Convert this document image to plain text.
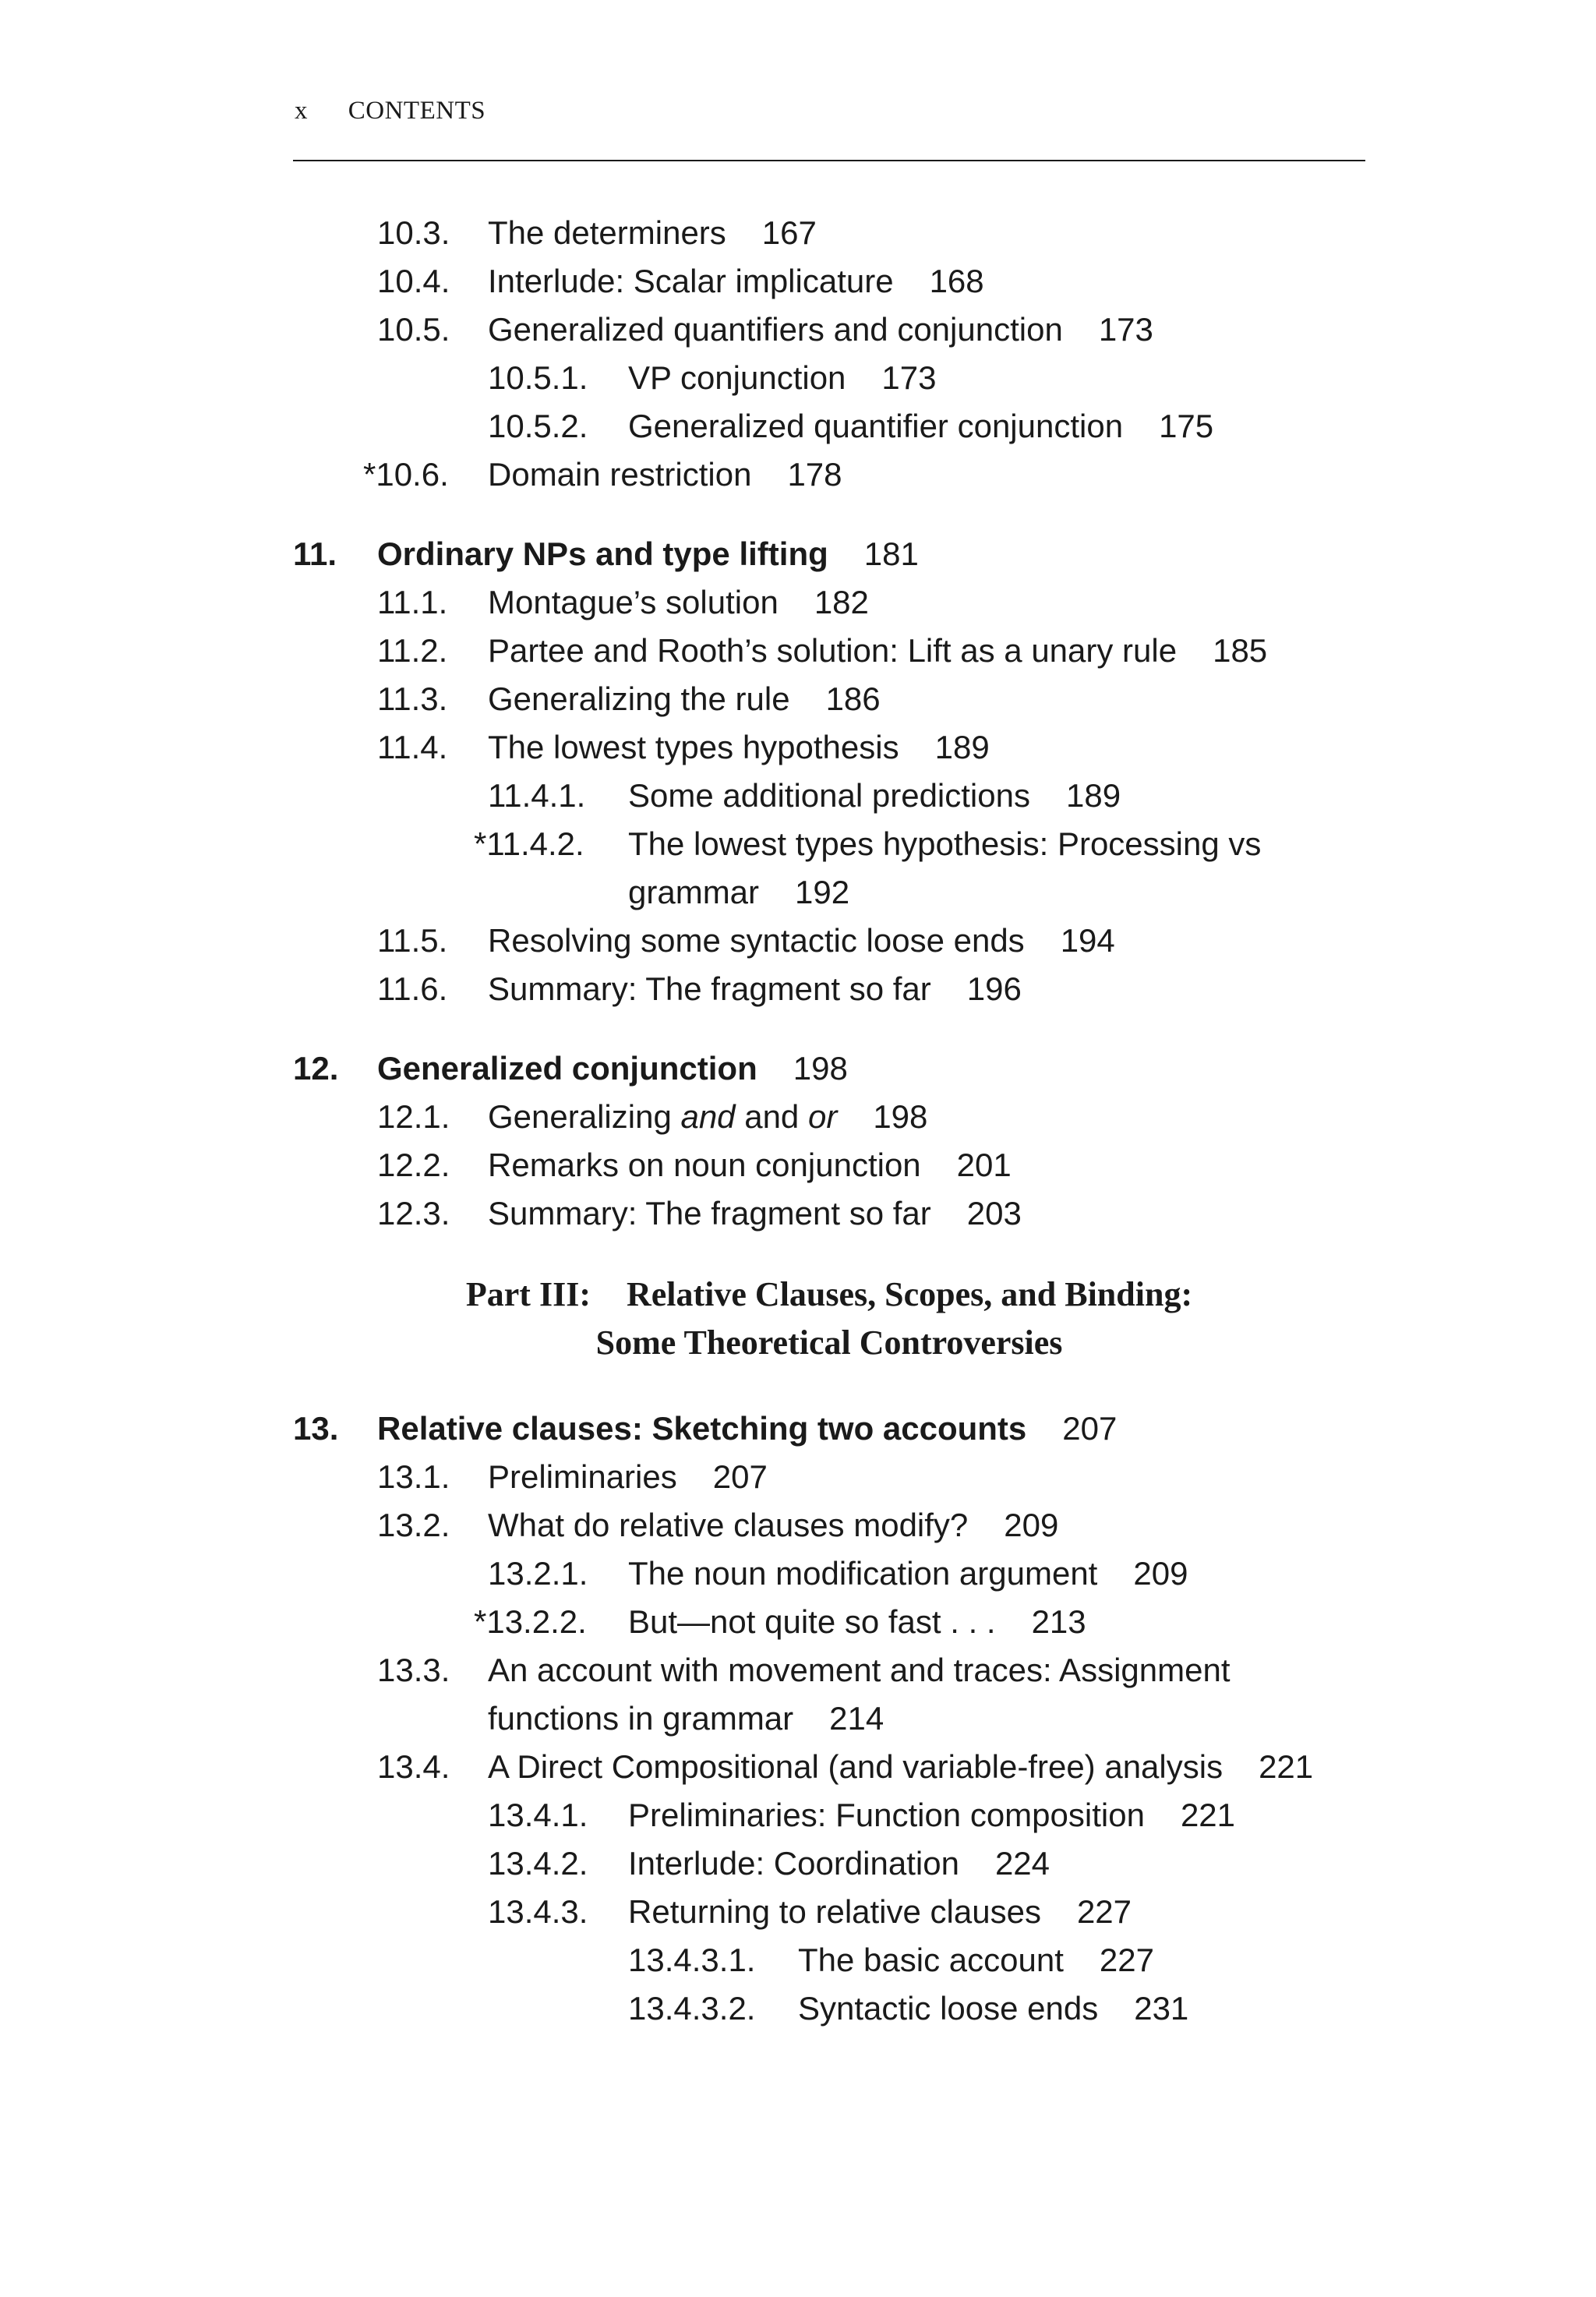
x CONTENTS
Part III: Relative Clauses, Scopes, and Binding:
Some Theoretical Controversies
10.3. The determiners 167
10.4. Interlude: Scalar implicature 168
10.5. Generalized quantifiers and conjunction 173
10.5.1. VP conjunction 173
10.5.2. Generalized quantifier conjunction 175
*10.6. Domain restriction 178
11. Ordinary NPs and type lifting 181
11.1. Montague’s solution 182
11.2. Partee and Rooth’s solution: Lift as a unary rule 185
11.3. Generalizing the rule 186
11.4. The lowest types hypothesis 189
11.4.1. Some additional predictions 189
*11.4.2. The lowest types hypothesis: Processing vs
grammar 192
11.5. Resolving some syntactic loose ends 194
11.6. Summary: The fragment so far 196
12. Generalized conjunction 198
12.1. Generalizing and and or 198
12.2. Remarks on noun conjunction 201
12.3. Summary: The fragment so far 203
13. Relative clauses: Sketching two accounts 207
13.1. Preliminaries 207
13.2. What do relative clauses modify? 209
13.2.1. The noun modification argument 209
*13.2.2. But—not quite so fast . . . 213
13.3. An account with movement and traces: Assignment
functions in grammar 214
13.4. A Direct Compositional (and variable-free) analysis 221
13.4.1. Preliminaries: Function composition 221
13.4.2. Interlude: Coordination 224
13.4.3. Returning to relative clauses 227
13.4.3.1. The basic account 227
13.4.3.2. Syntactic loose ends 231
